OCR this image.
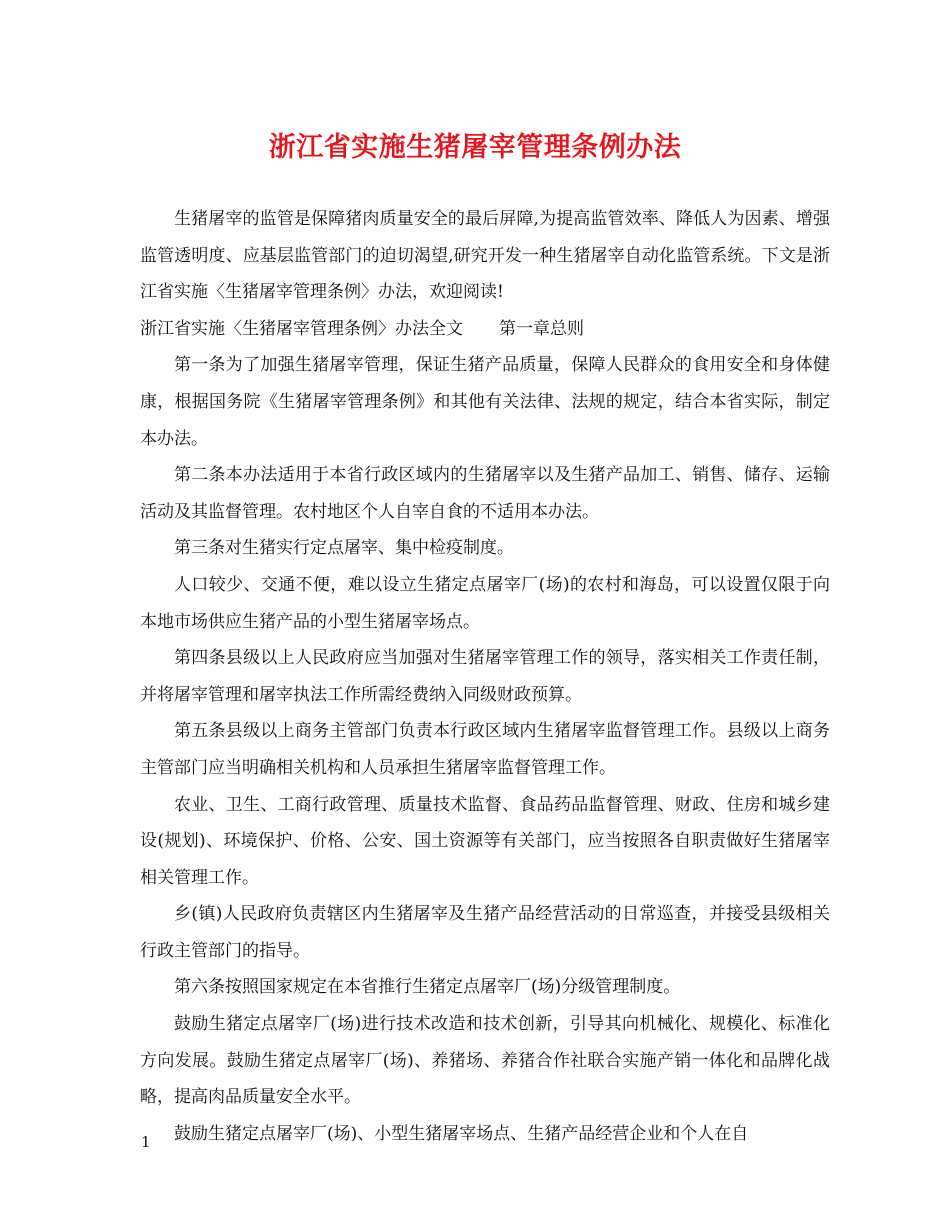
浙江省实施生猪屠宰管理条例办法

生猪屠宰的监管是保障猪肉质量安全的最后屏障,为提高监管效率、降低人为因素、增强监管透明度、应基层监管部门的迫切渴望,研究开发一种生猪屠宰自动化监管系统。下文是浙江省实施〈生猪屠宰管理条例〉办法，欢迎阅读!

浙江省实施〈生猪屠宰管理条例〉办法全文 第一章总则

第一条为了加强生猪屠宰管理，保证生猪产品质量，保障人民群众的食用安全和身体健康，根据国务院《生猪屠宰管理条例》和其他有关法律、法规的规定，结合本省实际，制定本办法。

第二条本办法适用于本省行政区域内的生猪屠宰以及生猪产品加工、销售、储存、运输活动及其监督管理。农村地区个人自宰自食的不适用本办法。

第三条对生猪实行定点屠宰、集中检疫制度。

人口较少、交通不便，难以设立生猪定点屠宰厂(场)的农村和海岛，可以设置仅限于向本地市场供应生猪产品的小型生猪屠宰场点。

第四条县级以上人民政府应当加强对生猪屠宰管理工作的领导，落实相关工作责任制，并将屠宰管理和屠宰执法工作所需经费纳入同级财政预算。

第五条县级以上商务主管部门负责本行政区域内生猪屠宰监督管理工作。县级以上商务主管部门应当明确相关机构和人员承担生猪屠宰监督管理工作。

农业、卫生、工商行政管理、质量技术监督、食品药品监督管理、财政、住房和城乡建设(规划)、环境保护、价格、公安、国土资源等有关部门，应当按照各自职责做好生猪屠宰相关管理工作。

乡(镇)人民政府负责辖区内生猪屠宰及生猪产品经营活动的日常巡查，并接受县级相关行政主管部门的指导。

第六条按照国家规定在本省推行生猪定点屠宰厂(场)分级管理制度。

鼓励生猪定点屠宰厂(场)进行技术改造和技术创新，引导其向机械化、规模化、标准化方向发展。鼓励生猪定点屠宰厂(场)、养猪场、养猪合作社联合实施产销一体化和品牌化战略，提高肉品质量安全水平。

鼓励生猪定点屠宰厂(场)、小型生猪屠宰场点、生猪产品经营企业和个人在自

1
